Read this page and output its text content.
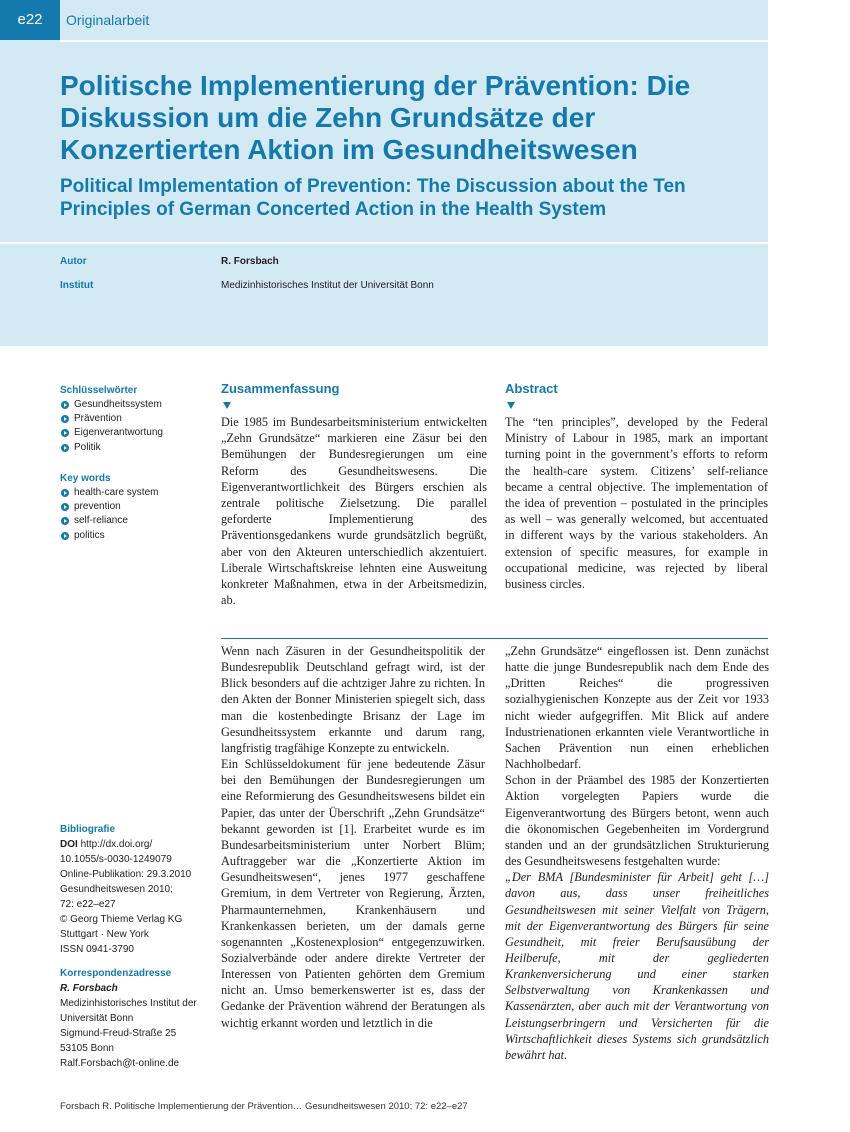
e22	Originalarbeit
Politische Implementierung der Prävention: Die Diskussion um die Zehn Grundsätze der Konzertierten Aktion im Gesundheitswesen
Political Implementation of Prevention: The Discussion about the Ten Principles of German Concerted Action in the Health System
Autor	R. Forsbach
Institut	Medizinhistorisches Institut der Universität Bonn
Schlüsselwörter
Gesundheitssystem
Prävention
Eigenverantwortung
Politik
Key words
health-care system
prevention
self-reliance
politics
Bibliografie
DOI http://dx.doi.org/
10.1055/s-0030-1249079
Online-Publikation: 29.3.2010
Gesundheitswesen 2010;
72: e22–e27
© Georg Thieme Verlag KG
Stuttgart · New York
ISSN 0941-3790
Korrespondenzadresse
R. Forsbach
Medizinhistorisches Institut der
Universität Bonn
Sigmund-Freud-Straße 25
53105 Bonn
Ralf.Forsbach@t-online.de
Zusammenfassung

Die 1985 im Bundesarbeitsministerium entwickelten „Zehn Grundsätze“ markieren eine Zäsur bei den Bemühungen der Bundesregierungen um eine Reform des Gesundheitswesens. Die Eigenverantwortlichkeit des Bürgers erschien als zentrale politische Zielsetzung. Die parallel geforderte Implementierung des Präventionsgedankens wurde grundsätzlich begrüßt, aber von den Akteuren unterschiedlich akzentuiert. Liberale Wirtschaftskreise lehnten eine Ausweitung konkreter Maßnahmen, etwa in der Arbeitsmedizin, ab.

Abstract

The “ten principles”, developed by the Federal Ministry of Labour in 1985, mark an important turning point in the government’s efforts to reform the health-care system. Citizens’ self-reliance became a central objective. The implementation of the idea of prevention – postulated in the principles as well – was generally welcomed, but accentuated in different ways by the various stakeholders. An extension of specific measures, for example in occupational medicine, was rejected by liberal business circles.

Wenn nach Zäsuren in der Gesundheitspolitik der Bundesrepublik Deutschland gefragt wird, ist der Blick besonders auf die achtziger Jahre zu richten. In den Akten der Bonner Ministerien spiegelt sich, dass man die kostenbedingte Brisanz der Lage im Gesundheitssystem erkannte und darum rang, langfristig tragfähige Konzepte zu entwickeln.

Ein Schlüsseldokument für jene bedeutende Zäsur bei den Bemühungen der Bundesregierungen um eine Reformierung des Gesundheitswesens bildet ein Papier, das unter der Überschrift „Zehn Grundsätze“ bekannt geworden ist [1]. Erarbeitet wurde es im Bundesarbeitsministerium unter Norbert Blüm; Auftraggeber war die „Konzertierte Aktion im Gesundheitswesen“, jenes 1977 geschaffene Gremium, in dem Vertreter von Regierung, Ärzten, Pharmaunternehmen, Krankenhäusern und Krankenkassen berieten, um der damals gerne sogenannten „Kostenexplosion“ entgegenzuwirken. Sozialverbände oder andere direkte Vertreter der Interessen von Patienten gehörten dem Gremium nicht an. Umso bemerkenswerter ist es, dass der Gedanke der Prävention während der Beratungen als wichtig erkannt worden und letztlich in die

„Zehn Grundsätze“ eingeflossen ist. Denn zunächst hatte die junge Bundesrepublik nach dem Ende des „Dritten Reiches“ die progressiven sozialhygienischen Konzepte aus der Zeit vor 1933 nicht wieder aufgegriffen. Mit Blick auf andere Industrienationen erkannten viele Verantwortliche in Sachen Prävention nun einen erheblichen Nachholbedarf.

Schon in der Präambel des 1985 der Konzertierten Aktion vorgelegten Papiers wurde die Eigenverantwortung des Bürgers betont, wenn auch die ökonomischen Gegebenheiten im Vordergrund standen und an der grundsätzlichen Strukturierung des Gesundheitswesens festgehalten wurde:

„Der BMA [Bundesminister für Arbeit] geht […] davon aus, dass unser freiheitliches Gesundheitswesen mit seiner Vielfalt von Trägern, mit der Eigenverantwortung des Bürgers für seine Gesundheit, mit freier Berufsausübung der Heilberufe, mit der gegliederten Krankenversicherung und einer starken Selbstverwaltung von Krankenkassen und Kassenärzten, aber auch mit der Verantwortung von Leistungserbringern und Versicherten für die Wirtschaftlichkeit dieses Systems sich grundsätzlich bewährt hat.

Forsbach R. Politische Implementierung der Prävention… Gesundheitswesen 2010; 72: e22–e27
